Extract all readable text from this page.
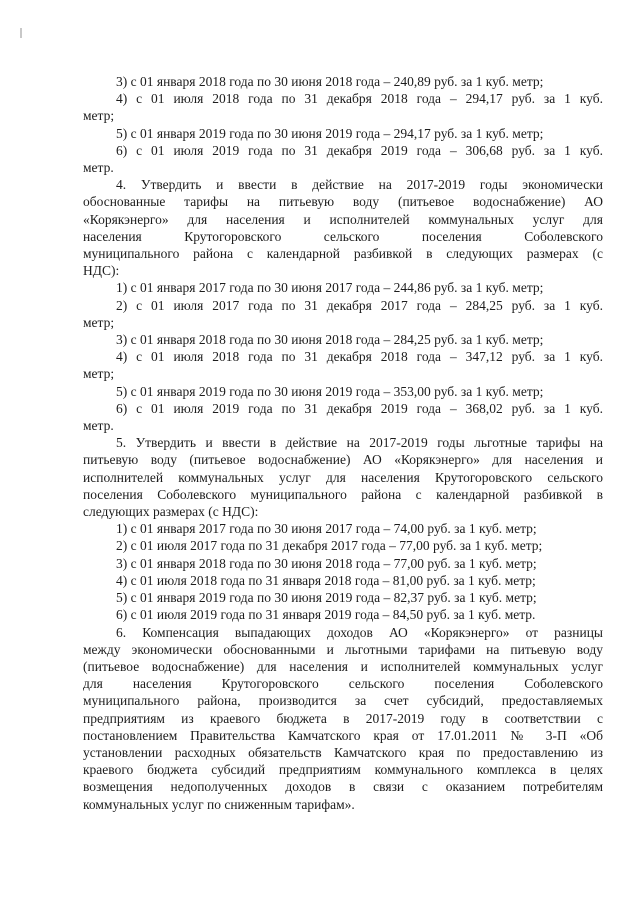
3) с 01 января 2018 года по 30 июня 2018 года – 240,89 руб. за 1 куб. метр;
4) с 01 июля 2018 года по 31 декабря 2018 года – 294,17 руб. за 1 куб.
метр;
5) с 01 января 2019 года по 30 июня 2019 года – 294,17 руб. за 1 куб. метр;
6) с 01 июля 2019 года по 31 декабря 2019 года – 306,68 руб. за 1 куб.
метр.
4. Утвердить и ввести в действие на 2017-2019 годы экономически
обоснованные тарифы на питьевую воду (питьевое водоснабжение) АО
«Корякэнерго» для населения и исполнителей коммунальных услуг для
населения Крутогоровского сельского поселения Соболевского
муниципального района с календарной разбивкой в следующих размерах (с
НДС):
1) с 01 января 2017 года по 30 июня 2017 года – 244,86 руб. за 1 куб. метр;
2) с 01 июля 2017 года по 31 декабря 2017 года – 284,25 руб. за 1 куб.
метр;
3) с 01 января 2018 года по 30 июня 2018 года – 284,25 руб. за 1 куб. метр;
4) с 01 июля 2018 года по 31 декабря 2018 года – 347,12 руб. за 1 куб.
метр;
5) с 01 января 2019 года по 30 июня 2019 года – 353,00 руб. за 1 куб. метр;
6) с 01 июля 2019 года по 31 декабря 2019 года – 368,02 руб. за 1 куб.
метр.
5. Утвердить и ввести в действие на 2017-2019 годы льготные тарифы на
питьевую воду (питьевое водоснабжение) АО «Корякэнерго» для населения и
исполнителей коммунальных услуг для населения Крутогоровского сельского
поселения Соболевского муниципального района с календарной разбивкой в
следующих размерах (с НДС):
1) с 01 января 2017 года по 30 июня 2017 года – 74,00 руб. за 1 куб. метр;
2) с 01 июля 2017 года по 31 декабря 2017 года – 77,00 руб. за 1 куб. метр;
3) с 01 января 2018 года по 30 июня 2018 года – 77,00 руб. за 1 куб. метр;
4) с 01 июля 2018 года по 31 января 2018 года – 81,00 руб. за 1 куб. метр;
5) с 01 января 2019 года по 30 июня 2019 года – 82,37 руб. за 1 куб. метр;
6) с 01 июля 2019 года по 31 января 2019 года – 84,50 руб. за 1 куб. метр.
6. Компенсация выпадающих доходов АО «Корякэнерго» от разницы
между экономически обоснованными и льготными тарифами на питьевую воду
(питьевое водоснабжение) для населения и исполнителей коммунальных услуг
для населения Крутогоровского сельского поселения Соболевского
муниципального района, производится за счет субсидий, предоставляемых
предприятиям из краевого бюджета в 2017-2019 году в соответствии с
постановлением Правительства Камчатского края от 17.01.2011 № 3-П «Об
установлении расходных обязательств Камчатского края по предоставлению из
краевого бюджета субсидий предприятиям коммунального комплекса в целях
возмещения недополученных доходов в связи с оказанием потребителям
коммунальных услуг по сниженным тарифам».
